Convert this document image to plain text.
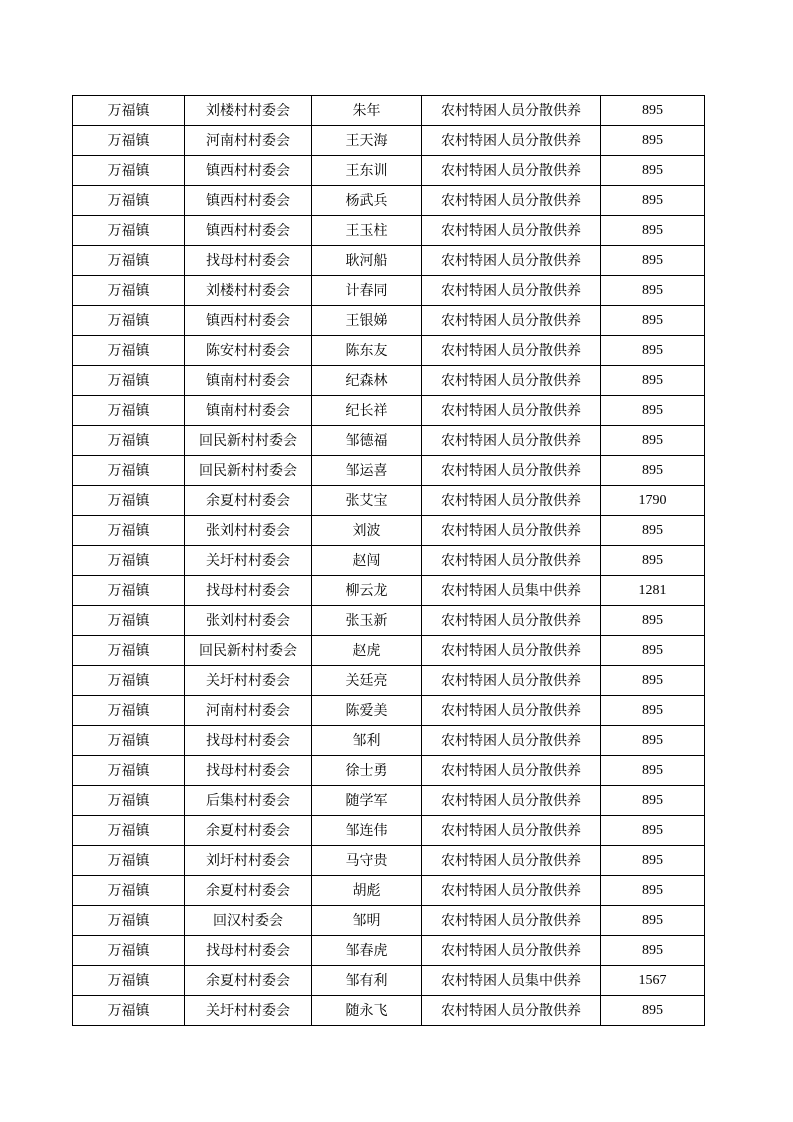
万福镇	刘楼村村委会	朱年	农村特困人员分散供养	895
万福镇	河南村村委会	王天海	农村特困人员分散供养	895
万福镇	镇西村村委会	王东训	农村特困人员分散供养	895
万福镇	镇西村村委会	杨武兵	农村特困人员分散供养	895
万福镇	镇西村村委会	王玉柱	农村特困人员分散供养	895
万福镇	找母村村委会	耿河船	农村特困人员分散供养	895
万福镇	刘楼村村委会	计春同	农村特困人员分散供养	895
万福镇	镇西村村委会	王银娣	农村特困人员分散供养	895
万福镇	陈安村村委会	陈东友	农村特困人员分散供养	895
万福镇	镇南村村委会	纪森林	农村特困人员分散供养	895
万福镇	镇南村村委会	纪长祥	农村特困人员分散供养	895
万福镇	回民新村村委会	邹德福	农村特困人员分散供养	895
万福镇	回民新村村委会	邹运喜	农村特困人员分散供养	895
万福镇	余夏村村委会	张艾宝	农村特困人员分散供养	1790
万福镇	张刘村村委会	刘波	农村特困人员分散供养	895
万福镇	关圩村村委会	赵闯	农村特困人员分散供养	895
万福镇	找母村村委会	柳云龙	农村特困人员集中供养	1281
万福镇	张刘村村委会	张玉新	农村特困人员分散供养	895
万福镇	回民新村村委会	赵虎	农村特困人员分散供养	895
万福镇	关圩村村委会	关廷亮	农村特困人员分散供养	895
万福镇	河南村村委会	陈爱美	农村特困人员分散供养	895
万福镇	找母村村委会	邹利	农村特困人员分散供养	895
万福镇	找母村村委会	徐士勇	农村特困人员分散供养	895
万福镇	后集村村委会	随学军	农村特困人员分散供养	895
万福镇	余夏村村委会	邹连伟	农村特困人员分散供养	895
万福镇	刘圩村村委会	马守贵	农村特困人员分散供养	895
万福镇	余夏村村委会	胡彪	农村特困人员分散供养	895
万福镇	回汉村委会	邹明	农村特困人员分散供养	895
万福镇	找母村村委会	邹春虎	农村特困人员分散供养	895
万福镇	余夏村村委会	邹有利	农村特困人员集中供养	1567
万福镇	关圩村村委会	随永飞	农村特困人员分散供养	895
